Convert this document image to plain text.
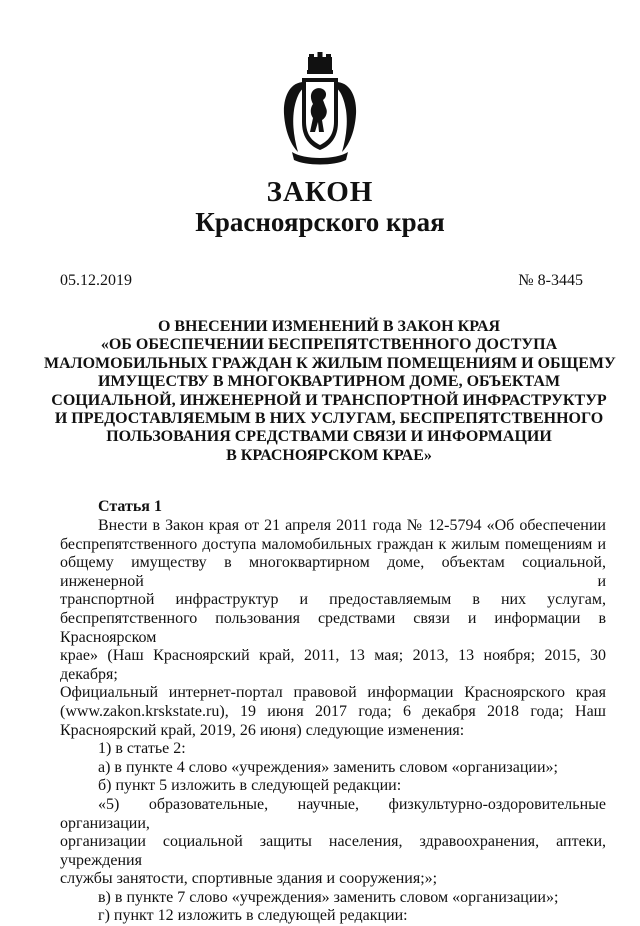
ЗАКОН
Красноярского края
05.12.2019	№ 8-3445
О ВНЕСЕНИИ ИЗМЕНЕНИЙ В ЗАКОН КРАЯ
«ОБ ОБЕСПЕЧЕНИИ БЕСПРЕПЯТСТВЕННОГО ДОСТУПА
МАЛОМОБИЛЬНЫХ ГРАЖДАН К ЖИЛЫМ ПОМЕЩЕНИЯМ И ОБЩЕМУ
ИМУЩЕСТВУ В МНОГОКВАРТИРНОМ ДОМЕ, ОБЪЕКТАМ
СОЦИАЛЬНОЙ, ИНЖЕНЕРНОЙ И ТРАНСПОРТНОЙ ИНФРАСТРУКТУР
И ПРЕДОСТАВЛЯЕМЫМ В НИХ УСЛУГАМ, БЕСПРЕПЯТСТВЕННОГО
ПОЛЬЗОВАНИЯ СРЕДСТВАМИ СВЯЗИ И ИНФОРМАЦИИ
В КРАСНОЯРСКОМ КРАЕ»
Статья 1

Внести в Закон края от 21 апреля 2011 года № 12-5794 «Об обеспечении

беспрепятственного доступа маломобильных граждан к жилым помещениям и

общему имуществу в многоквартирном доме, объектам социальной, инженерной и

транспортной инфраструктур и предоставляемым в них услугам,

беспрепятственного пользования средствами связи и информации в Красноярском

крае» (Наш Красноярский край, 2011, 13 мая; 2013, 13 ноября; 2015, 30 декабря;

Официальный интернет-портал правовой информации Красноярского края

(www.zakon.krskstate.ru), 19 июня 2017 года; 6 декабря 2018 года; Наш

Красноярский край, 2019, 26 июня) следующие изменения:

1) в статье 2:

а) в пункте 4 слово «учреждения» заменить словом «организации»;

б) пункт 5 изложить в следующей редакции:

«5) образовательные, научные, физкультурно-оздоровительные организации,

организации социальной защиты населения, здравоохранения, аптеки, учреждения

службы занятости, спортивные здания и сооружения;»;

в) в пункте 7 слово «учреждения» заменить словом «организации»;

г) пункт 12 изложить в следующей редакции:
